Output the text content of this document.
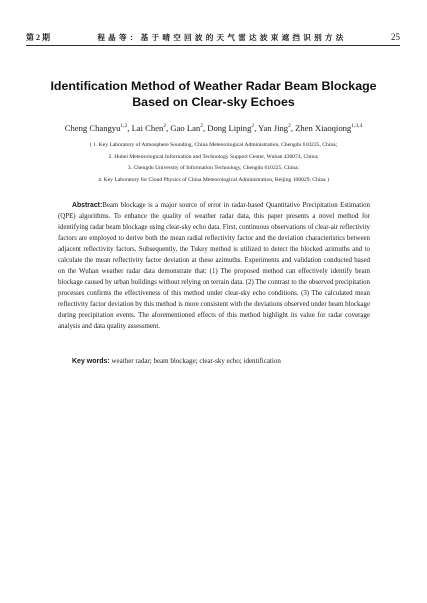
第 2 期	程 晶 等 ： 基 于 晴 空 回 波 的 天 气 雷 达 波 束 遮 挡 识 别 方 法	25
Identification Method of Weather Radar Beam Blockage Based on Clear-sky Echoes
Cheng Changyu$^{1,2}$, Lai Chen$^2$, Gao Lan$^2$, Dong Liping$^2$, Yan Jing$^2$, Zhen Xiaoqiong$^{1,3,4}$
( 1. Key Laboratory of Atmosphere Sounding, China Meteorological Administration, Chengdu 610225, China;
2. Hubei Meteorological Information and Technology Support Center, Wuhan 430074, China;
3. Chengdu University of Information Technology, Chengdu 610225, China;
4. Key Laboratory for Cloud Physics of China Meteorological Administration, Beijing 100029, China )

Abstract:Beam blockage is a major source of error in radar-based Quantitative Precipitation Estimation (QPE) algorithms. To enhance the quality of weather radar data, this paper presents a novel method for identifying radar beam blockage using clear-sky echo data. First, continuous observations of clear-air reflectivity factors are employed to derive both the mean radial reflectivity factor and the deviation characteristics between adjacent reflectivity factors. Subsequently, the Tukey method is utilized to detect the blocked azimuths and to calculate the mean reflectivity factor deviation at these azimuths. Experiments and validation conducted based on the Wuhan weather radar data demonstrate that: (1) The proposed method can effectively identify beam blockage caused by urban buildings without relying on terrain data. (2) The contrast to the observed precipitation processes confirms the effectiveness of this method under clear-sky echo conditions. (3) The calculated mean reflectivity factor deviation by this method is more consistent with the deviations observed under beam blockage during precipitation events. The aforementioned effects of this method highlight its value for radar coverage analysis and data quality assessment.

Key words: weather radar; beam blockage; clear-sky echo; identification
